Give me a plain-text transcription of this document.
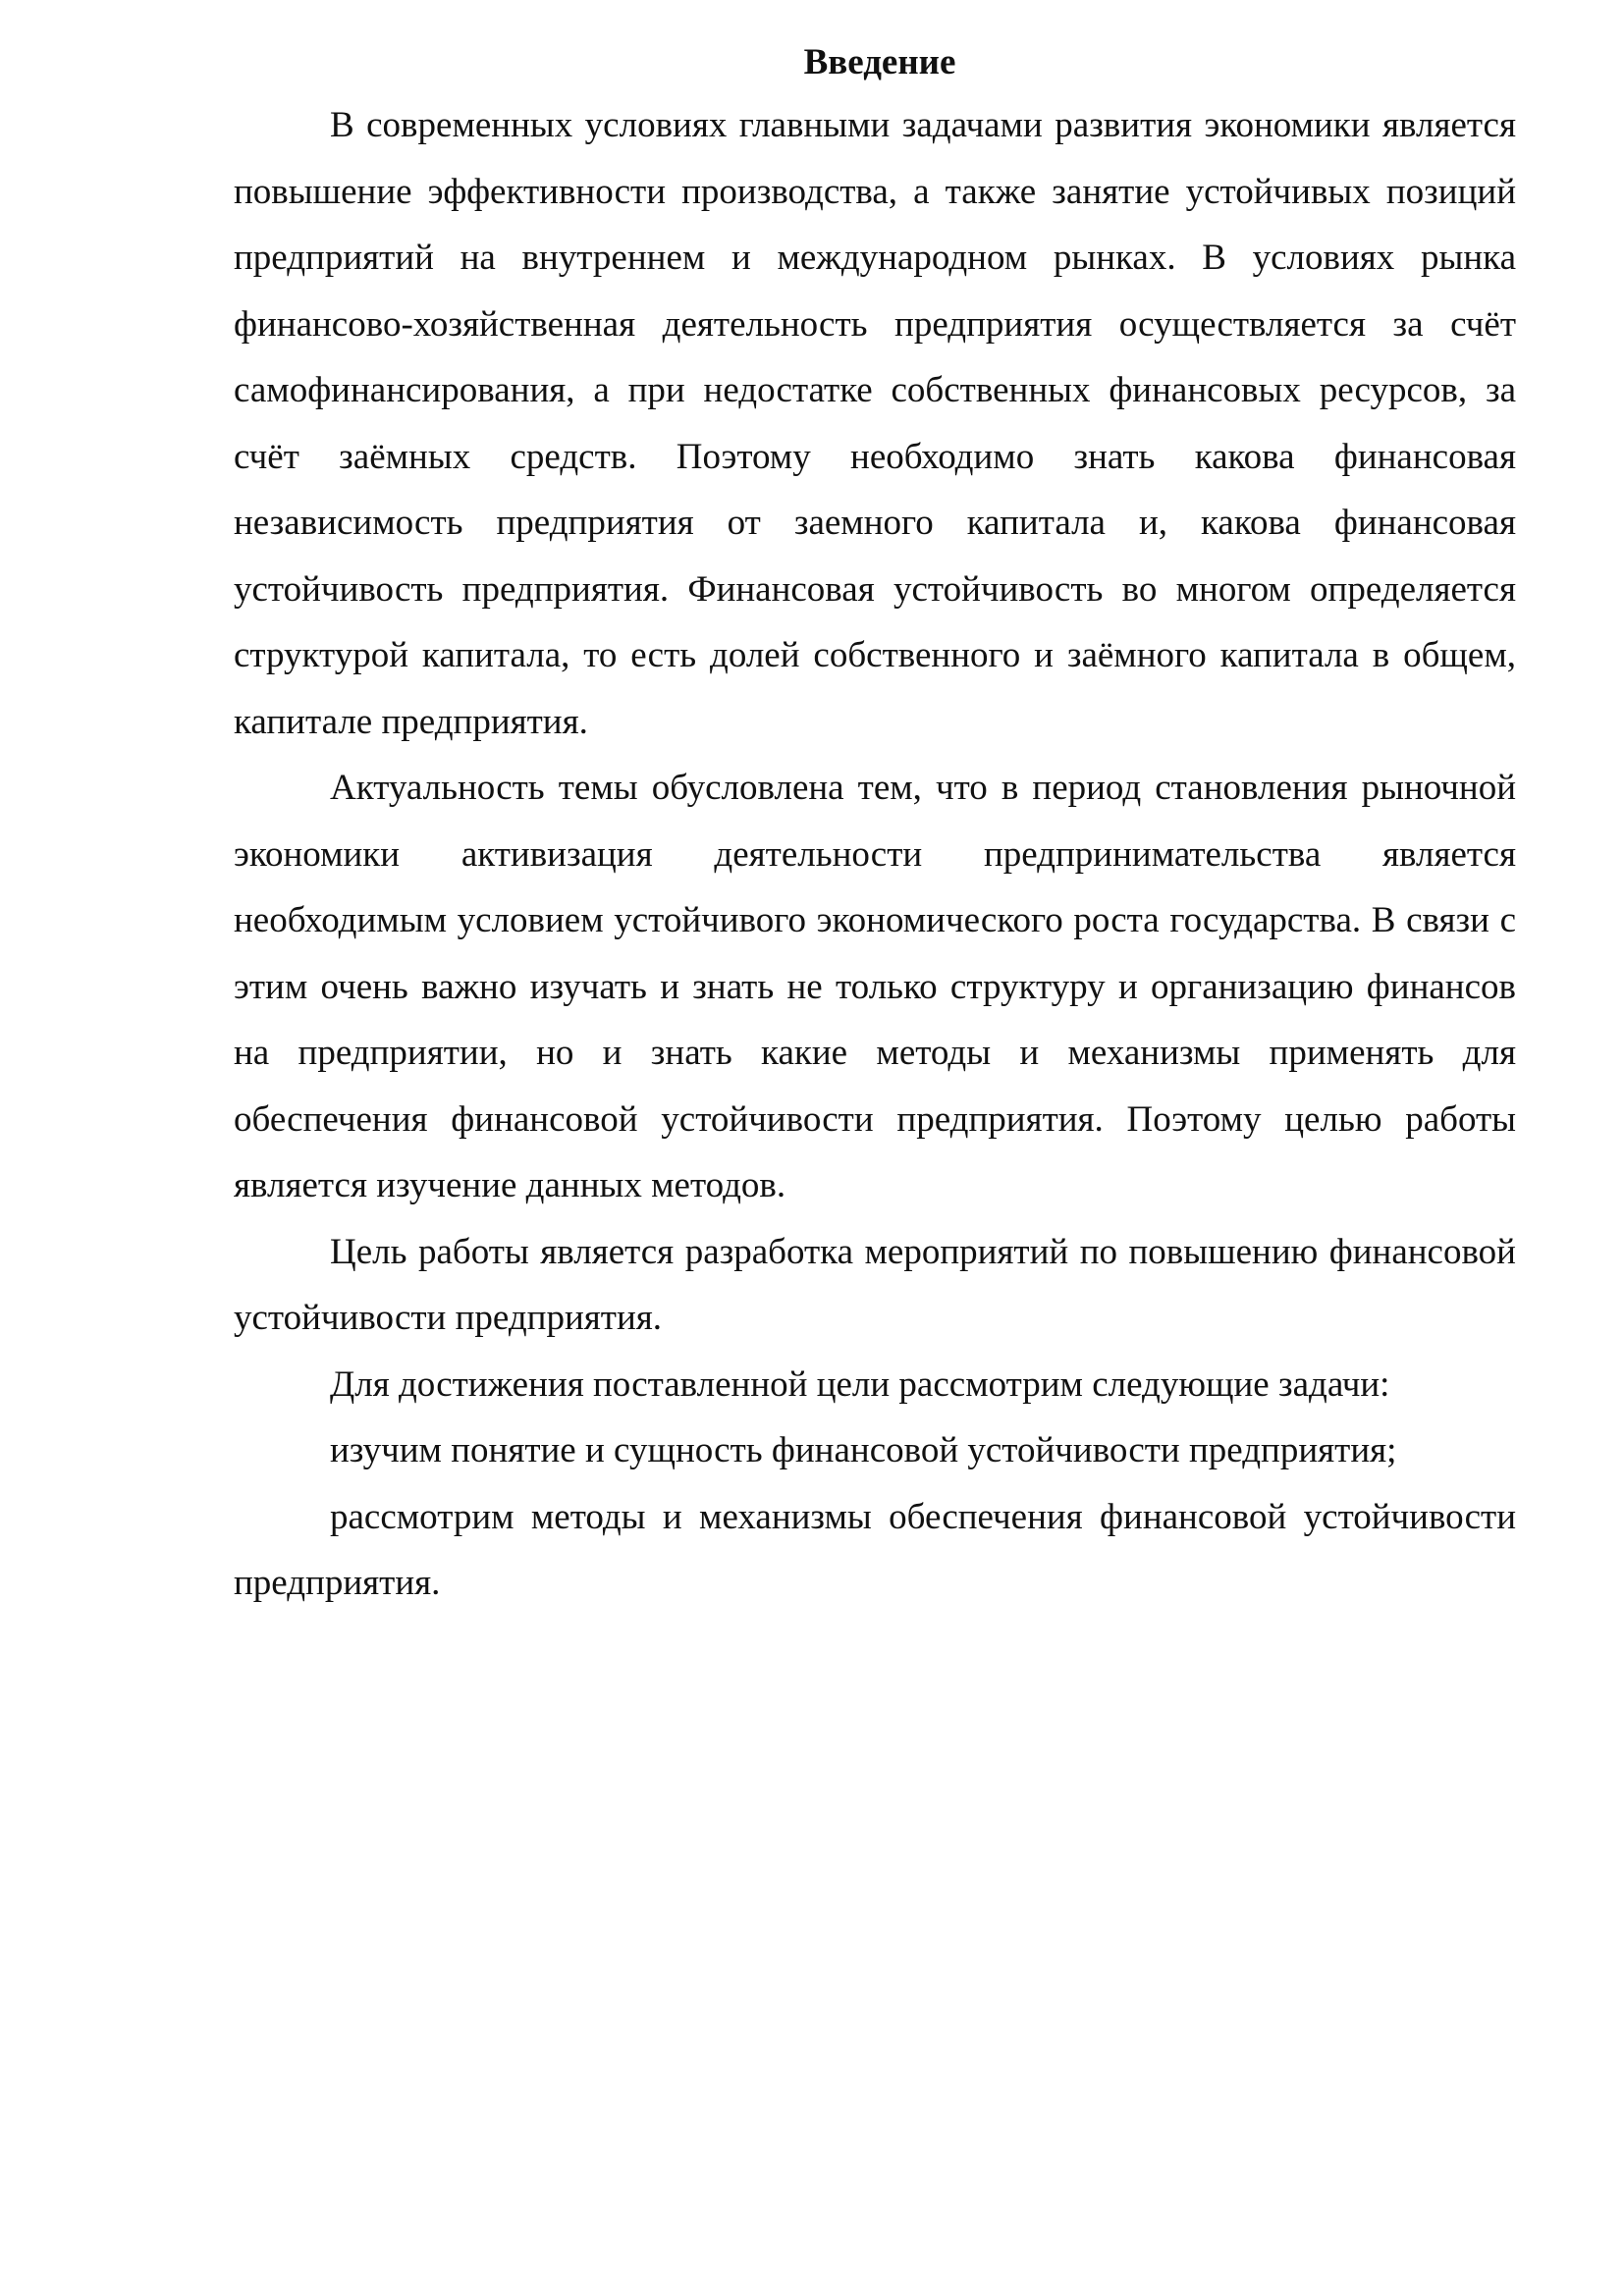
Введение

В современных условиях главными задачами развития экономики является повышение эффективности производства, а также занятие устойчивых позиций предприятий на внутреннем и международном рынках. В условиях рынка финансово-хозяйственная деятельность предприятия осуществляется за счёт самофинансирования, а при недостатке собственных финансовых ресурсов, за счёт заёмных средств. Поэтому необходимо знать какова финансовая независимость предприятия от заемного капитала и, какова финансовая устойчивость предприятия. Финансовая устойчивость во многом определяется структурой капитала, то есть долей собственного и заёмного капитала в общем, капитале предприятия.

Актуальность темы обусловлена тем, что в период становления рыночной экономики активизация деятельности предпринимательства является необходимым условием устойчивого экономического роста государства. В связи с этим очень важно изучать и знать не только структуру и организацию финансов на предприятии, но и знать какие методы и механизмы применять для обеспечения финансовой устойчивости предприятия. Поэтому целью работы является изучение данных методов.

Цель работы является разработка мероприятий по повышению финансовой устойчивости предприятия.

Для достижения поставленной цели рассмотрим следующие задачи:

изучим понятие и сущность финансовой устойчивости предприятия;

рассмотрим методы и механизмы обеспечения финансовой устойчивости предприятия.
